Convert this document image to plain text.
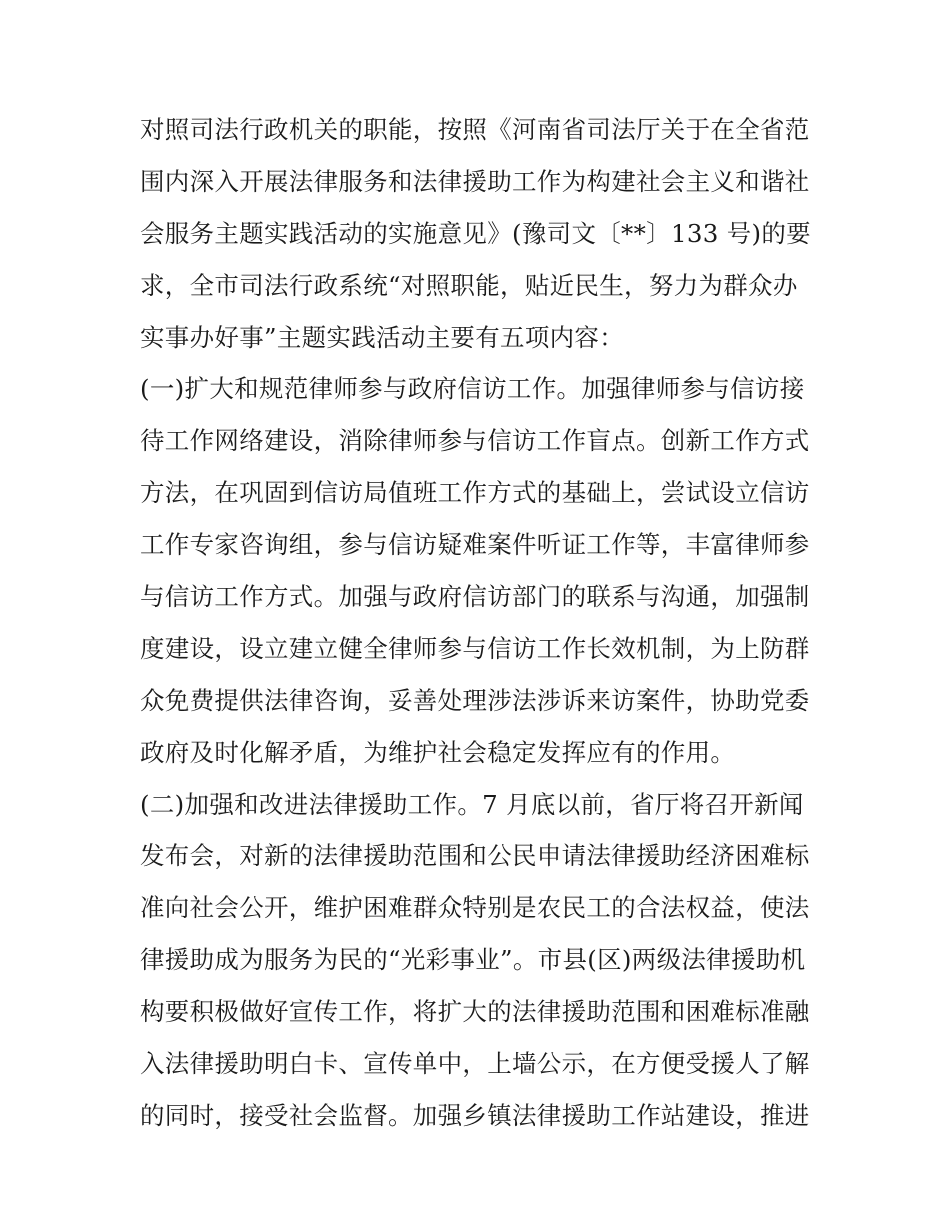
对照司法行政机关的职能，按照《河南省司法厅关于在全省范
围内深入开展法律服务和法律援助工作为构建社会主义和谐社
会服务主题实践活动的实施意见》(豫司文〔**〕133 号)的要
求，全市司法行政系统“对照职能，贴近民生，努力为群众办
实事办好事”主题实践活动主要有五项内容：
(一)扩大和规范律师参与政府信访工作。加强律师参与信访接
待工作网络建设，消除律师参与信访工作盲点。创新工作方式
方法，在巩固到信访局值班工作方式的基础上，尝试设立信访
工作专家咨询组，参与信访疑难案件听证工作等，丰富律师参
与信访工作方式。加强与政府信访部门的联系与沟通，加强制
度建设，设立建立健全律师参与信访工作长效机制，为上防群
众免费提供法律咨询，妥善处理涉法涉诉来访案件，协助党委
政府及时化解矛盾，为维护社会稳定发挥应有的作用。
(二)加强和改进法律援助工作。7 月底以前，省厅将召开新闻
发布会，对新的法律援助范围和公民申请法律援助经济困难标
准向社会公开，维护困难群众特别是农民工的合法权益，使法
律援助成为服务为民的“光彩事业”。市县(区)两级法律援助机
构要积极做好宣传工作，将扩大的法律援助范围和困难标准融
入法律援助明白卡、宣传单中，上墙公示，在方便受援人了解
的同时，接受社会监督。加强乡镇法律援助工作站建设，推进
